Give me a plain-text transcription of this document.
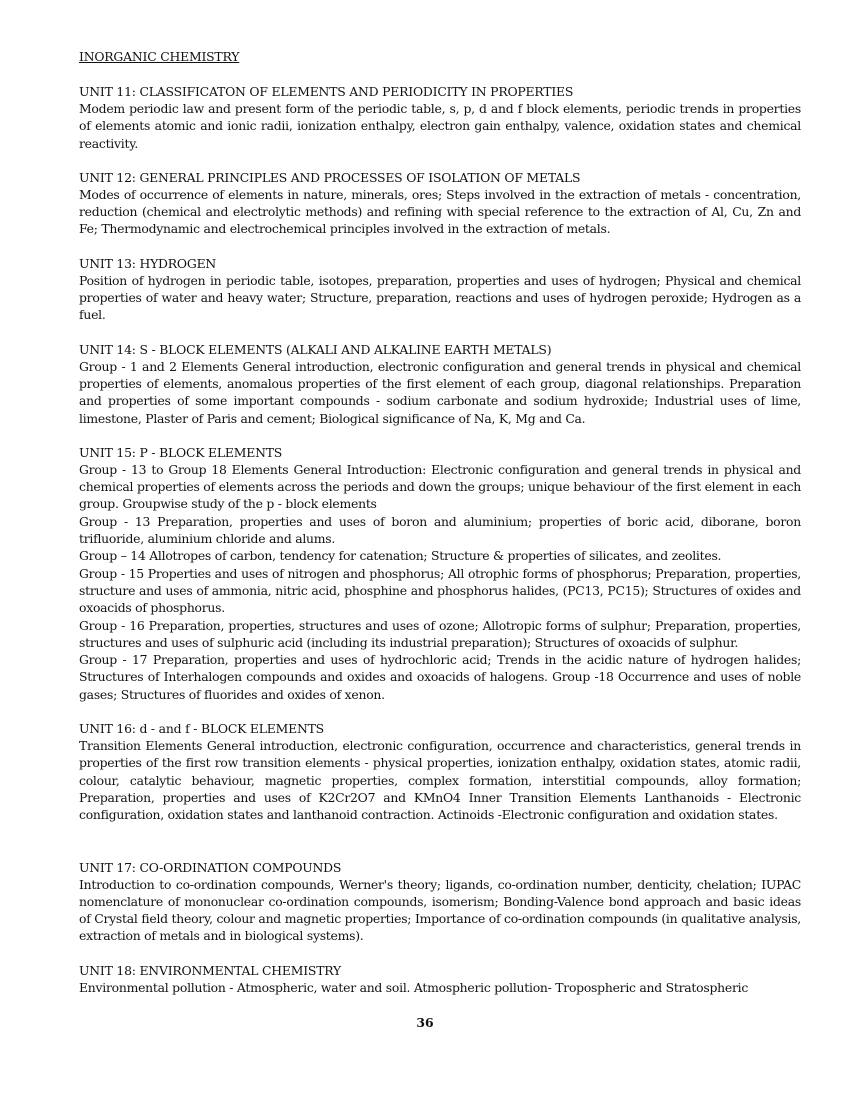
INORGANIC CHEMISTRY
UNIT 11: CLASSIFICATON OF ELEMENTS AND PERIODICITY IN PROPERTIES
Modem periodic law and present form of the periodic table, s, p, d and f block elements, periodic trends in properties of elements atomic and ionic radii, ionization enthalpy, electron gain enthalpy, valence, oxidation states and chemical reactivity.
UNIT 12: GENERAL PRINCIPLES AND PROCESSES OF ISOLATION OF METALS
Modes of occurrence of elements in nature, minerals, ores; Steps involved in the extraction of metals - concentration, reduction (chemical and electrolytic methods) and refining with special reference to the extraction of Al, Cu, Zn and Fe; Thermodynamic and electrochemical principles involved in the extraction of metals.
UNIT 13: HYDROGEN
Position of hydrogen in periodic table, isotopes, preparation, properties and uses of hydrogen; Physical and chemical properties of water and heavy water; Structure, preparation, reactions and uses of hydrogen peroxide; Hydrogen as a fuel.
UNIT 14: S - BLOCK ELEMENTS (ALKALI AND ALKALINE EARTH METALS)
Group - 1 and 2 Elements General introduction, electronic configuration and general trends in physical and chemical properties of elements, anomalous properties of the first element of each group, diagonal relationships. Preparation and properties of some important compounds - sodium carbonate and sodium hydroxide; Industrial uses of lime, limestone, Plaster of Paris and cement; Biological significance of Na, K, Mg and Ca.
UNIT 15: P - BLOCK ELEMENTS
Group - 13 to Group 18 Elements General Introduction: Electronic configuration and general trends in physical and chemical properties of elements across the periods and down the groups; unique behaviour of the first element in each group. Groupwise study of the p - block elements
Group - 13 Preparation, properties and uses of boron and aluminium; properties of boric acid, diborane, boron trifluoride, aluminium chloride and alums.
Group – 14 Allotropes of carbon, tendency for catenation; Structure & properties of silicates, and zeolites.
Group - 15 Properties and uses of nitrogen and phosphorus; All otrophic forms of phosphorus; Preparation, properties, structure and uses of ammonia, nitric acid, phosphine and phosphorus halides, (PC13, PC15); Structures of oxides and oxoacids of phosphorus.
Group - 16 Preparation, properties, structures and uses of ozone; Allotropic forms of sulphur; Preparation, properties, structures and uses of sulphuric acid (including its industrial preparation); Structures of oxoacids of sulphur.
Group - 17 Preparation, properties and uses of hydrochloric acid; Trends in the acidic nature of hydrogen halides; Structures of Interhalogen compounds and oxides and oxoacids of halogens. Group -18 Occurrence and uses of noble gases; Structures of fluorides and oxides of xenon.
UNIT 16: d - and f - BLOCK ELEMENTS
Transition Elements General introduction, electronic configuration, occurrence and characteristics, general trends in properties of the first row transition elements - physical properties, ionization enthalpy, oxidation states, atomic radii, colour, catalytic behaviour, magnetic properties, complex formation, interstitial compounds, alloy formation; Preparation, properties and uses of K2Cr2O7 and KMnO4 Inner Transition Elements Lanthanoids - Electronic configuration, oxidation states and lanthanoid contraction. Actinoids -Electronic configuration and oxidation states.
UNIT 17: CO-ORDINATION COMPOUNDS
Introduction to co-ordination compounds, Werner's theory; ligands, co-ordination number, denticity, chelation; IUPAC nomenclature of mononuclear co-ordination compounds, isomerism; Bonding-Valence bond approach and basic ideas of Crystal field theory, colour and magnetic properties; Importance of co-ordination compounds (in qualitative analysis, extraction of metals and in biological systems).
UNIT 18: ENVIRONMENTAL CHEMISTRY
Environmental pollution - Atmospheric, water and soil. Atmospheric pollution- Tropospheric and Stratospheric
36
